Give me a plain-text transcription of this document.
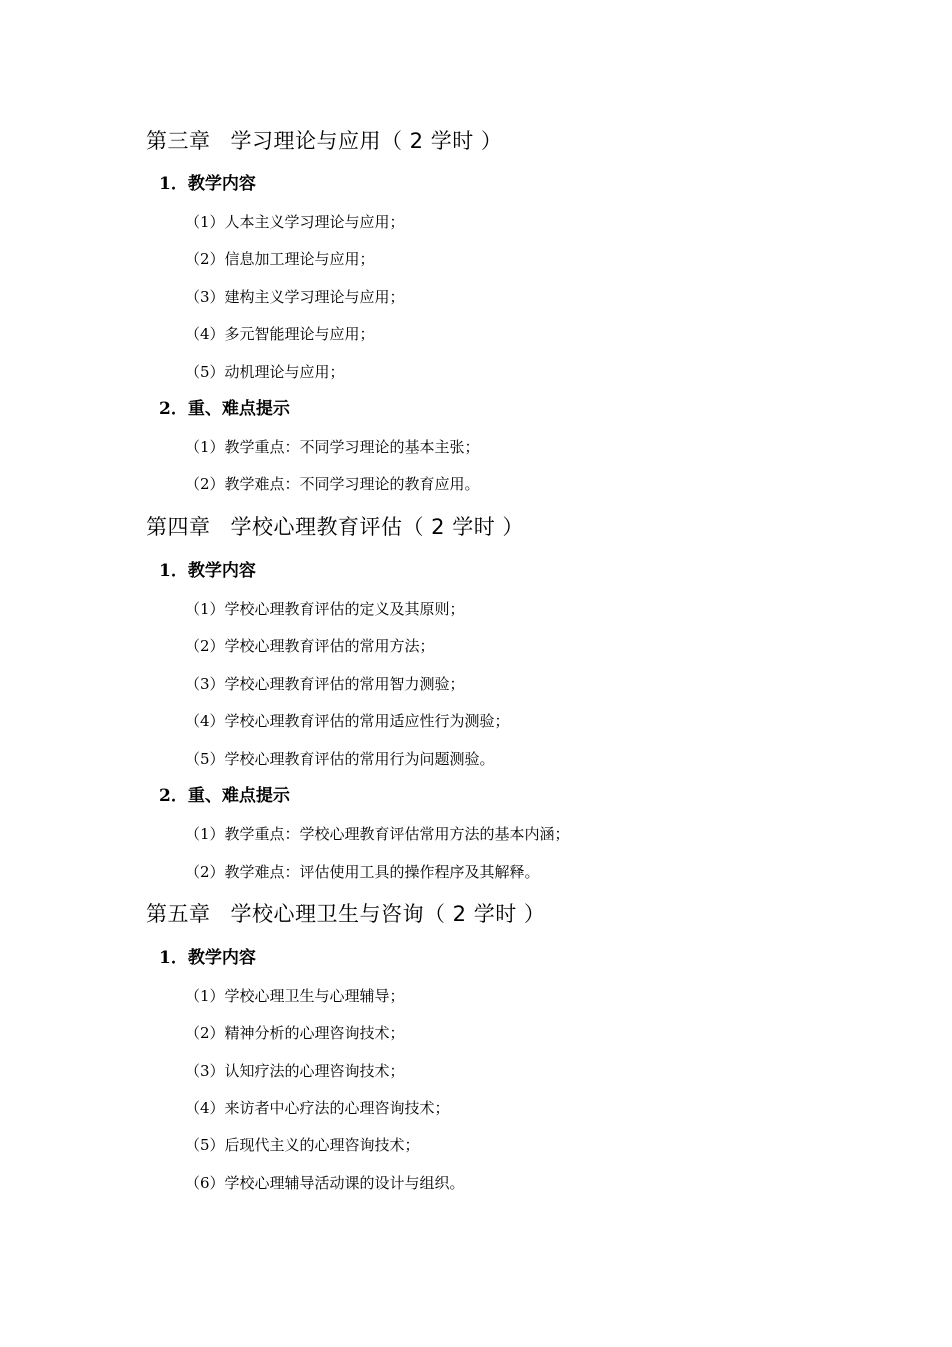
第三章 学习理论与应用（ 2 学时 ）
1．教学内容
（1）人本主义学习理论与应用；
（2）信息加工理论与应用；
（3）建构主义学习理论与应用；
（4）多元智能理论与应用；
（5）动机理论与应用；
2．重、难点提示
（1）教学重点：不同学习理论的基本主张；
（2）教学难点：不同学习理论的教育应用。
第四章 学校心理教育评估（ 2 学时 ）
1．教学内容
（1）学校心理教育评估的定义及其原则；
（2）学校心理教育评估的常用方法；
（3）学校心理教育评估的常用智力测验；
（4）学校心理教育评估的常用适应性行为测验；
（5）学校心理教育评估的常用行为问题测验。
2．重、难点提示
（1）教学重点：学校心理教育评估常用方法的基本内涵；
（2）教学难点：评估使用工具的操作程序及其解释。
第五章 学校心理卫生与咨询（ 2 学时 ）
1．教学内容
（1）学校心理卫生与心理辅导；
（2）精神分析的心理咨询技术；
（3）认知疗法的心理咨询技术；
（4）来访者中心疗法的心理咨询技术；
（5）后现代主义的心理咨询技术；
（6）学校心理辅导活动课的设计与组织。
